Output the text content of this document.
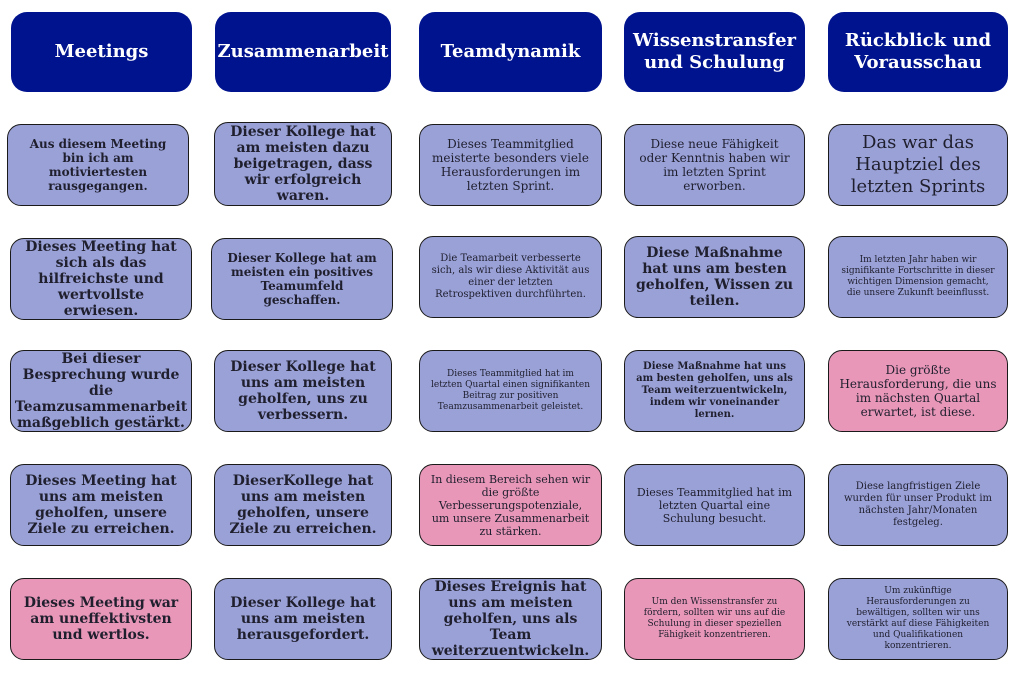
Meetings	Zusammenarbeit	Teamdynamik
Wissenstransfer und Schulung
Rückblick und Vorausschau
Aus diesem Meeting bin ich am motiviertesten rausgegangen.
Dieser Kollege hat am meisten dazu beigetragen, dass wir erfolgreich waren.
Dieses Teammitglied meisterte besonders viele Herausforderungen im letzten Sprint.
Diese neue Fähigkeit oder Kenntnis haben wir im letzten Sprint erworben.
Das war das Hauptziel des letzten Sprints
Dieses Meeting hat sich als das hilfreichste und wertvollste erwiesen.
Dieser Kollege hat am meisten ein positives Teamumfeld geschaffen.
Die Teamarbeit verbesserte sich, als wir diese Aktivität aus einer der letzten Retrospektiven durchführten.
Diese Maßnahme hat uns am besten geholfen, Wissen zu teilen.
Im letzten Jahr haben wir signifikante Fortschritte in dieser wichtigen Dimension gemacht, die unsere Zukunft beeinflusst.
Bei dieser Besprechung wurde die Teamzusammenarbeit maßgeblich gestärkt.
Dieser Kollege hat uns am meisten geholfen, uns zu verbessern.
Dieses Teammitglied hat im letzten Quartal einen signifikanten Beitrag zur positiven Teamzusammenarbeit geleistet.
Diese Maßnahme hat uns am besten geholfen, uns als Team weiterzuentwickeln, indem wir voneinander lernen.
Die größte Herausforderung, die uns im nächsten Quartal erwartet, ist diese.
Dieses Meeting hat uns am meisten geholfen, unsere Ziele zu erreichen.
DieserKollege hat uns am meisten geholfen, unsere Ziele zu erreichen.
In diesem Bereich sehen wir die größte Verbesserungspotenziale, um unsere Zusammenarbeit zu stärken.
Dieses Teammitglied hat im letzten Quartal eine Schulung besucht.
Diese langfristigen Ziele wurden für unser Produkt im nächsten Jahr/Monaten festgeleg.
Dieses Meeting war am uneffektivsten und wertlos.
Dieser Kollege hat uns am meisten herausgefordert.
Dieses Ereignis hat uns am meisten geholfen, uns als Team weiterzuentwickeln.
Um den Wissenstransfer zu fördern, sollten wir uns auf die Schulung in dieser speziellen Fähigkeit konzentrieren.
Um zukünftige Herausforderungen zu bewältigen, sollten wir uns verstärkt auf diese Fähigkeiten und Qualifikationen konzentrieren.
